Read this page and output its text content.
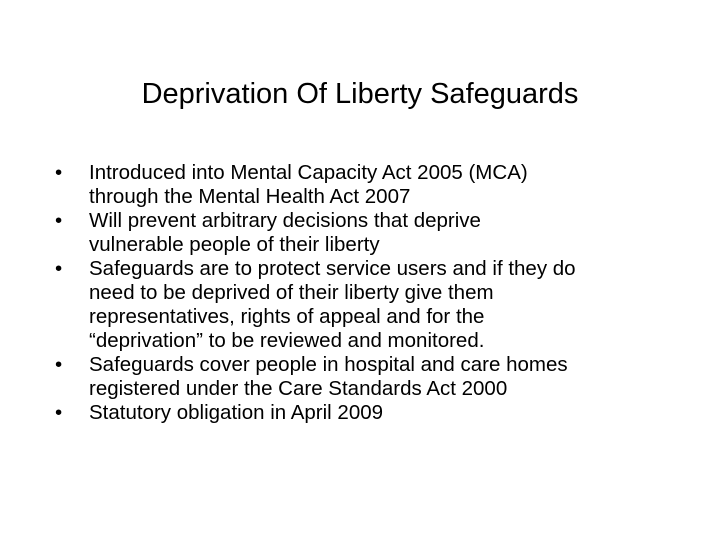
Deprivation Of Liberty Safeguards
•	Introduced into Mental Capacity Act 2005 (MCA)
through the Mental Health Act 2007
•	Will prevent arbitrary decisions that deprive
vulnerable people of their liberty
•	Safeguards are to protect service users and if they do
need to be deprived of their liberty give them
representatives, rights of appeal and for the
“deprivation” to be reviewed and monitored.
•	Safeguards cover people in hospital and care homes
registered under the Care Standards Act 2000
•	Statutory obligation in April 2009
